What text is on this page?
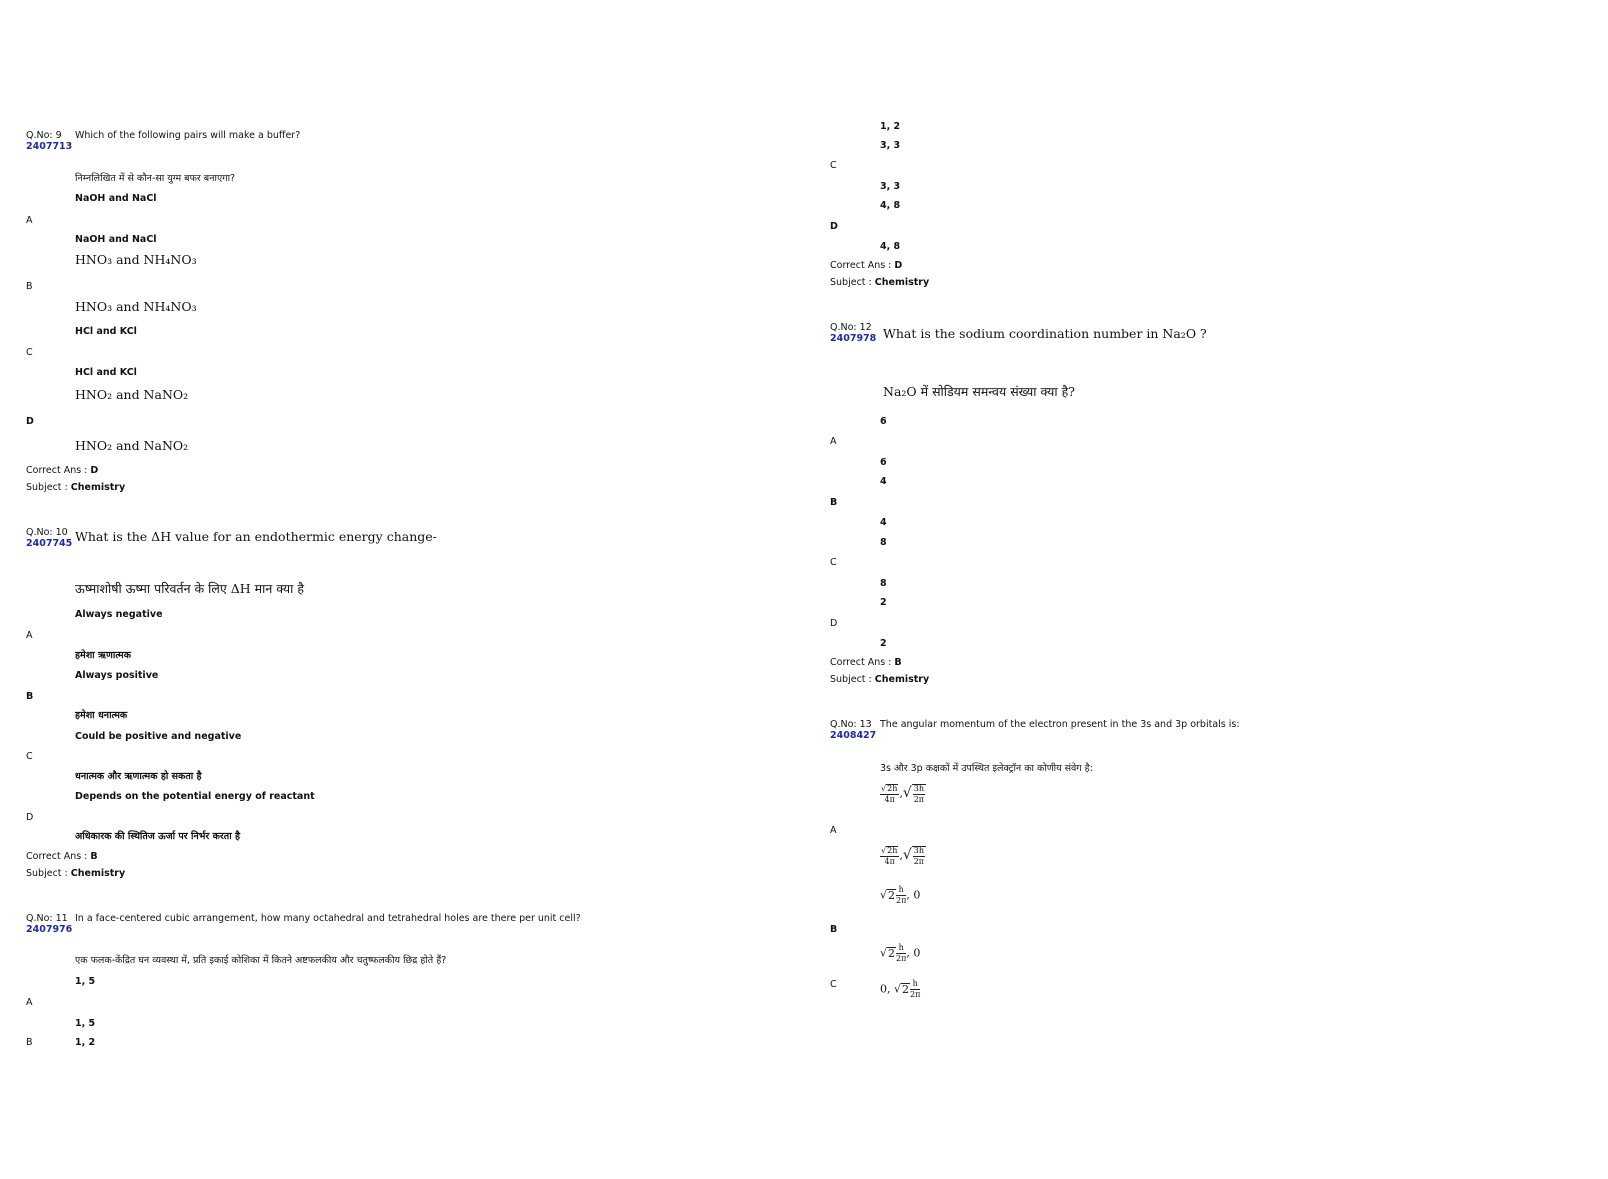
Q.No: 9
2407713
Which of the following pairs will make a buffer?
निम्नलिखित में से कौन-सा युग्म बफर बनाएगा?
NaOH and NaCl
A
NaOH and NaCl
HNO₃ and NH₄NO₃
B
HNO₃ and NH₄NO₃
HCl and KCl
C
HCl and KCl
HNO₂ and NaNO₂
D
HNO₂ and NaNO₂
Correct Ans : D
Subject : Chemistry
Q.No: 10
2407745 What is the ΔH value for an endothermic energy change-
ऊष्माशोषी ऊष्मा परिवर्तन के लिए ΔH मान क्या है
Always negative
A
हमेशा ऋणात्मक
Always positive
B
हमेशा धनात्मक
Could be positive and negative
C
धनात्मक और ऋणात्मक हो सकता है
Depends on the potential energy of reactant
D
अधिकारक की स्थितिज ऊर्जा पर निर्भर करता है
Correct Ans : B
Subject : Chemistry
Q.No: 11
2407976
In a face-centered cubic arrangement, how many octahedral and tetrahedral holes are there per unit cell?
एक फलक-केंद्रित घन व्यवस्था में, प्रति इकाई कोशिका में कितने अष्टफलकीय और चतुष्फलकीय छिद्र होते हैं?
1, 5
A
1, 5
B	1, 2
1, 2
3, 3
C
3, 3
4, 8
D
4, 8
Correct Ans : D
Subject : Chemistry
Q.No: 12
2407978 What is the sodium coordination number in Na₂O ?
Na₂O में सोडियम समन्वय संख्या क्या है?
6
A
6
4
B
4
8
C
8
2
D
2
Correct Ans : B
Subject : Chemistry
Q.No: 13
2408427
The angular momentum of the electron present in the 3s and 3p orbitals is:
3s और 3p कक्षकों में उपस्थित इलेक्ट्रॉन का कोणीय संवेग है:
$\frac{√2h}{4\pi}$ ,√ $\frac{3h}{2\pi}$
A
$\frac{√2h}{4\pi}$ ,√ $\frac{3h}{2\pi}$
$√2 \frac{h}{2\pi}$ , 0
B
$√2 \frac{h}{2\pi}$ , 0
C	0, $√2 \frac{h}{2\pi}$
